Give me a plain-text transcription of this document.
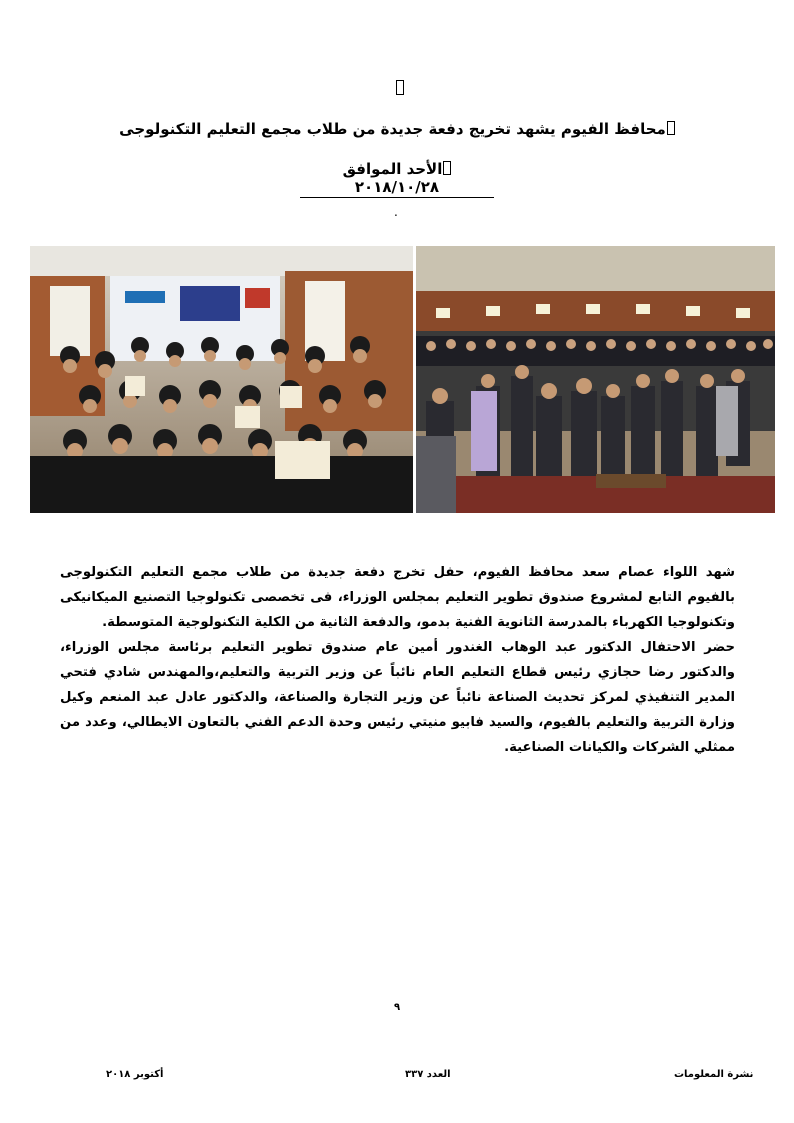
محافظ الفيوم يشهد تخريج دفعة جديدة من طلاب مجمع التعليم التكنولوجى
الأحد الموافق ٢٠١٨/١٠/٢٨
.

شهد اللواء عصام سعد محافظ الفيوم، حفل تخرج دفعة جديدة من طلاب مجمع التعليم التكنولوجى بالفيوم التابع لمشروع صندوق تطوير التعليم بمجلس الوزراء، فى تخصصى تكنولوجيا التصنيع الميكانيكى وتكنولوجيا الكهرباء بالمدرسة الثانوية الفنية بدمو، والدفعة الثانية من الكلية التكنولوجية المتوسطة.

حضر الاحتفال الدكتور عبد الوهاب الغندور أمين عام صندوق تطوير التعليم برئاسة مجلس الوزراء، والدكتور رضا حجازي رئيس قطاع التعليم العام نائباً عن وزير التربية والتعليم،والمهندس شادي فتحي المدير التنفيذي لمركز تحديث الصناعة نائباً عن وزير التجارة والصناعة، والدكتور عادل عبد المنعم وكيل وزارة التربية والتعليم بالفيوم، والسيد فابيو منيتي رئيس وحدة الدعم الفني بالتعاون الايطالي، وعدد من ممثلي الشركات والكيانات الصناعية.

٩
أكتوبر ٢٠١٨	العدد ٣٣٧	نشرة المعلومات
